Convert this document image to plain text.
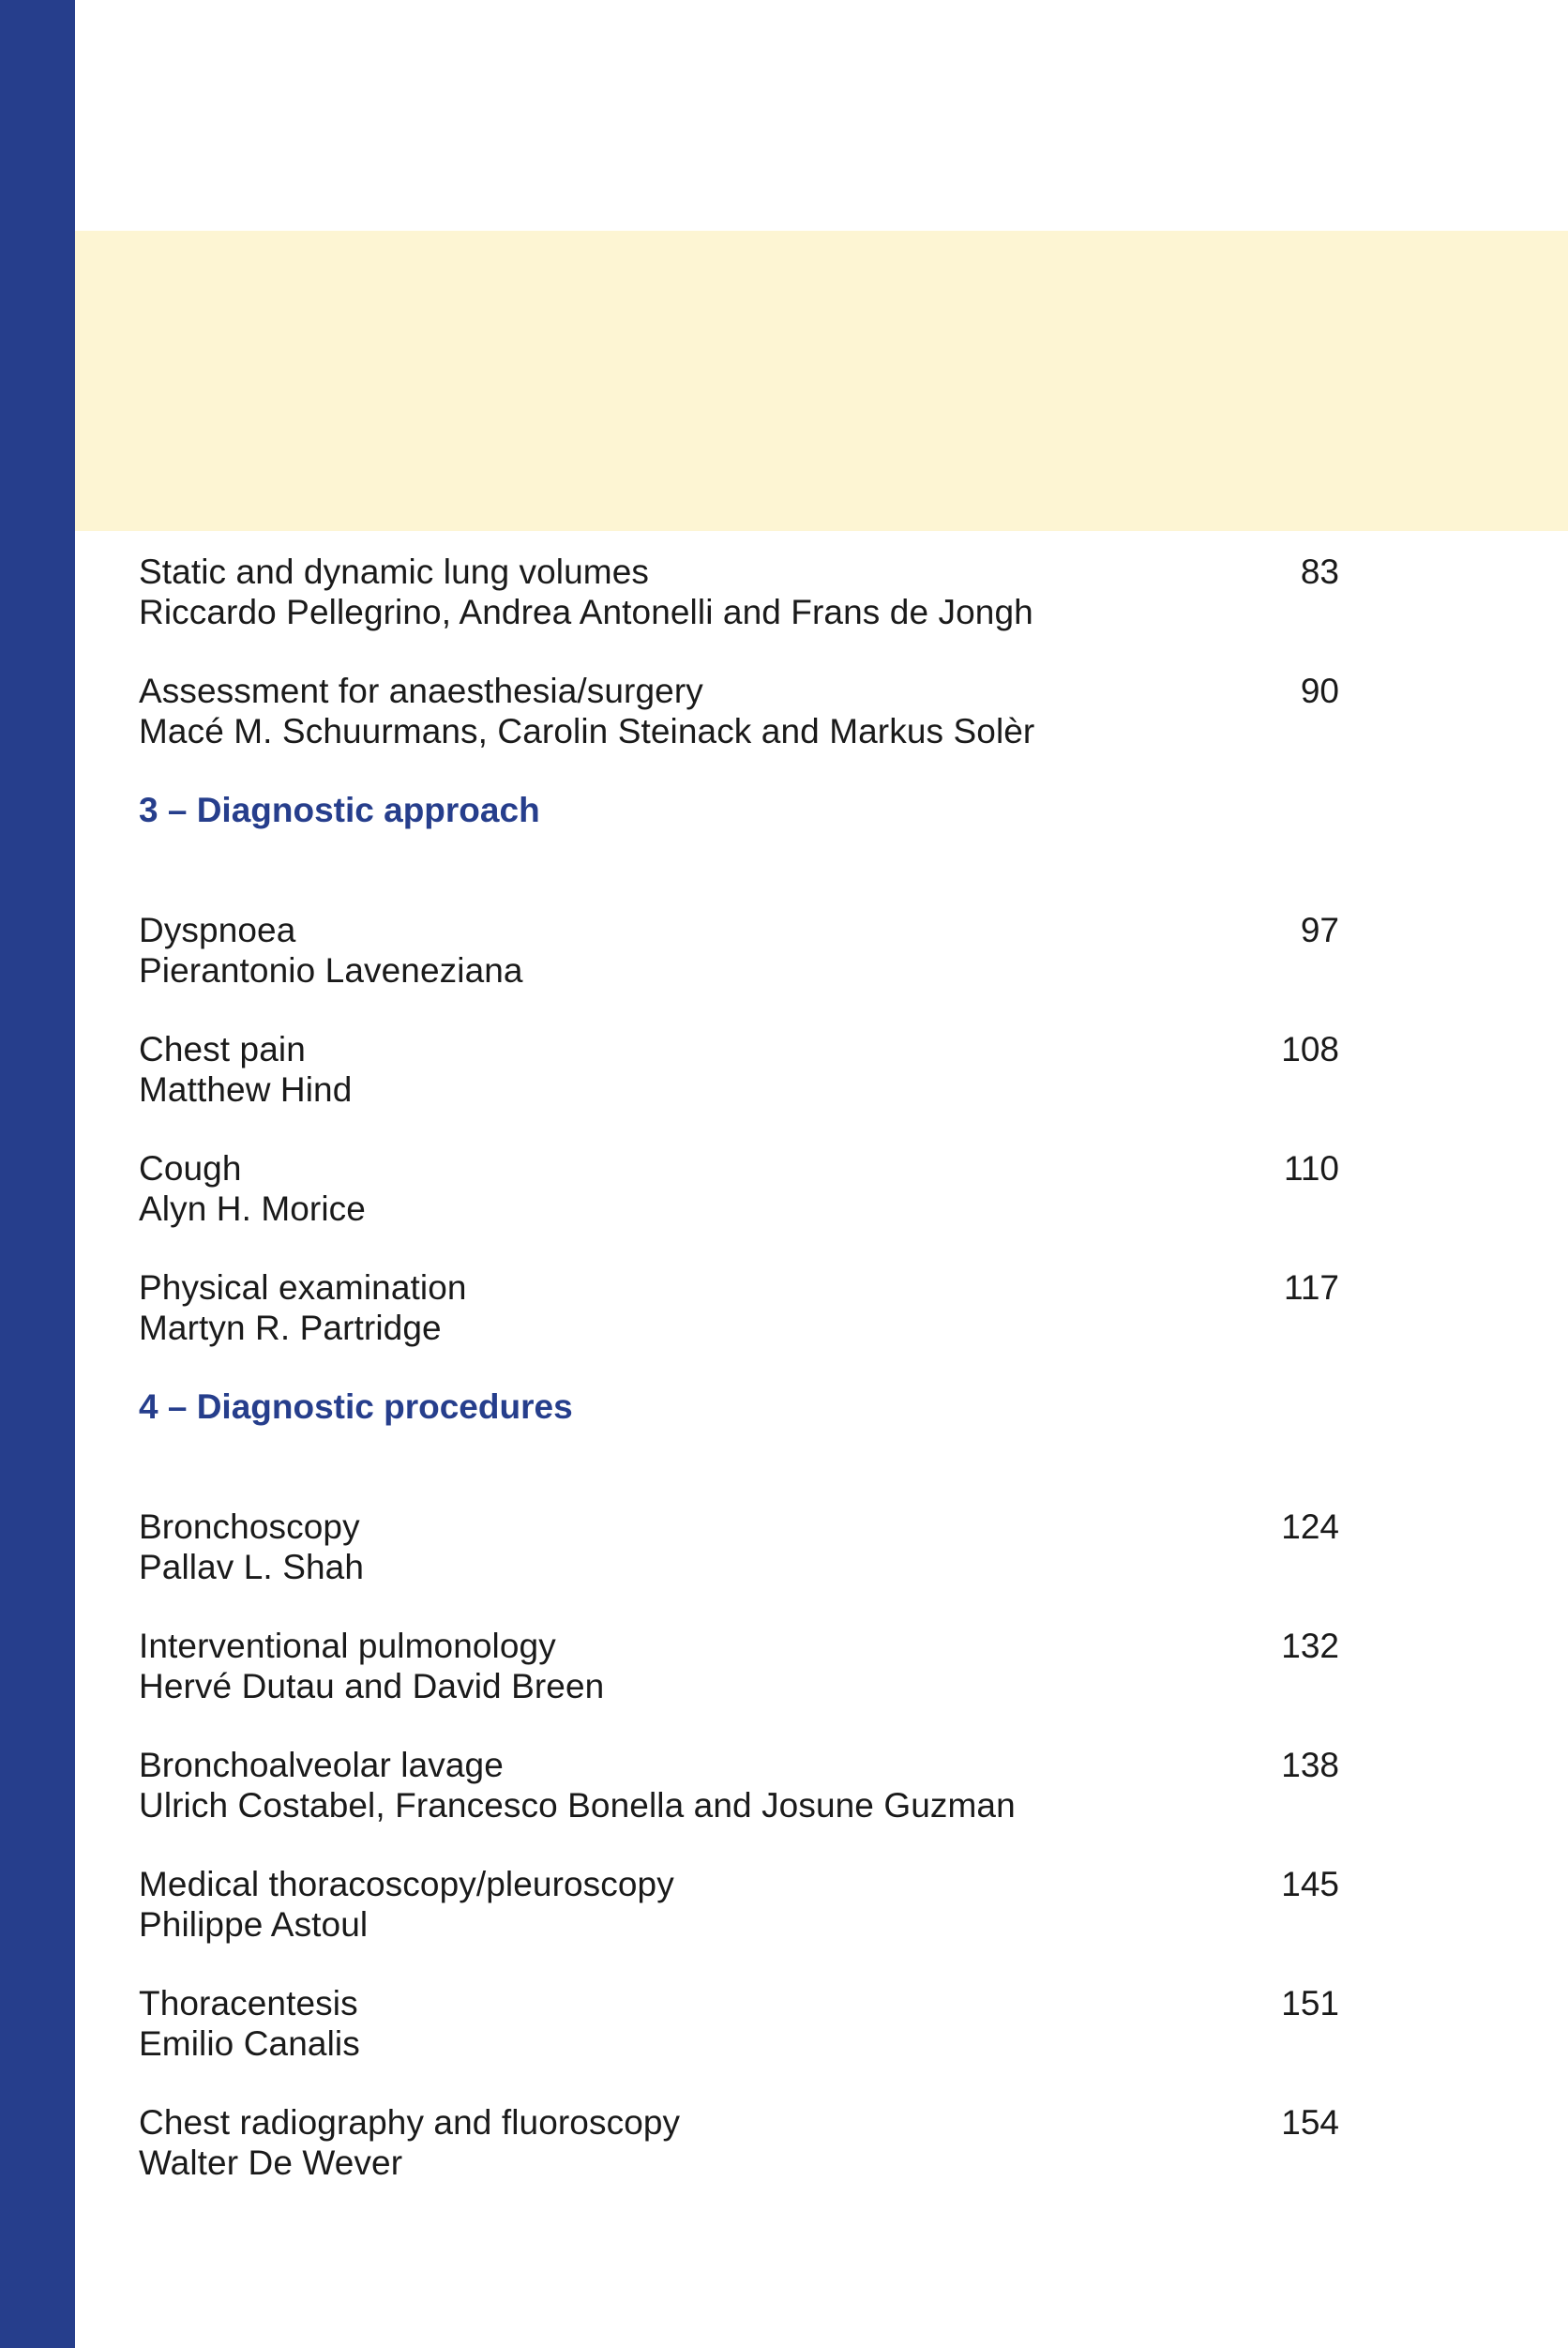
Static and dynamic lung volumes
Riccardo Pellegrino, Andrea Antonelli and Frans de Jongh
83
Assessment for anaesthesia/surgery
Macé M. Schuurmans, Carolin Steinack and Markus Solèr
90
3 – Diagnostic approach
Dyspnoea
Pierantonio Laveneziana
97
Chest pain
Matthew Hind
108
Cough
Alyn H. Morice
110
Physical examination
Martyn R. Partridge
117
4 – Diagnostic procedures
Bronchoscopy
Pallav L. Shah
124
Interventional pulmonology
Hervé Dutau and David Breen
132
Bronchoalveolar lavage
Ulrich Costabel, Francesco Bonella and Josune Guzman
138
Medical thoracoscopy/pleuroscopy
Philippe Astoul
145
Thoracentesis
Emilio Canalis
151
Chest radiography and fluoroscopy
Walter De Wever
154
